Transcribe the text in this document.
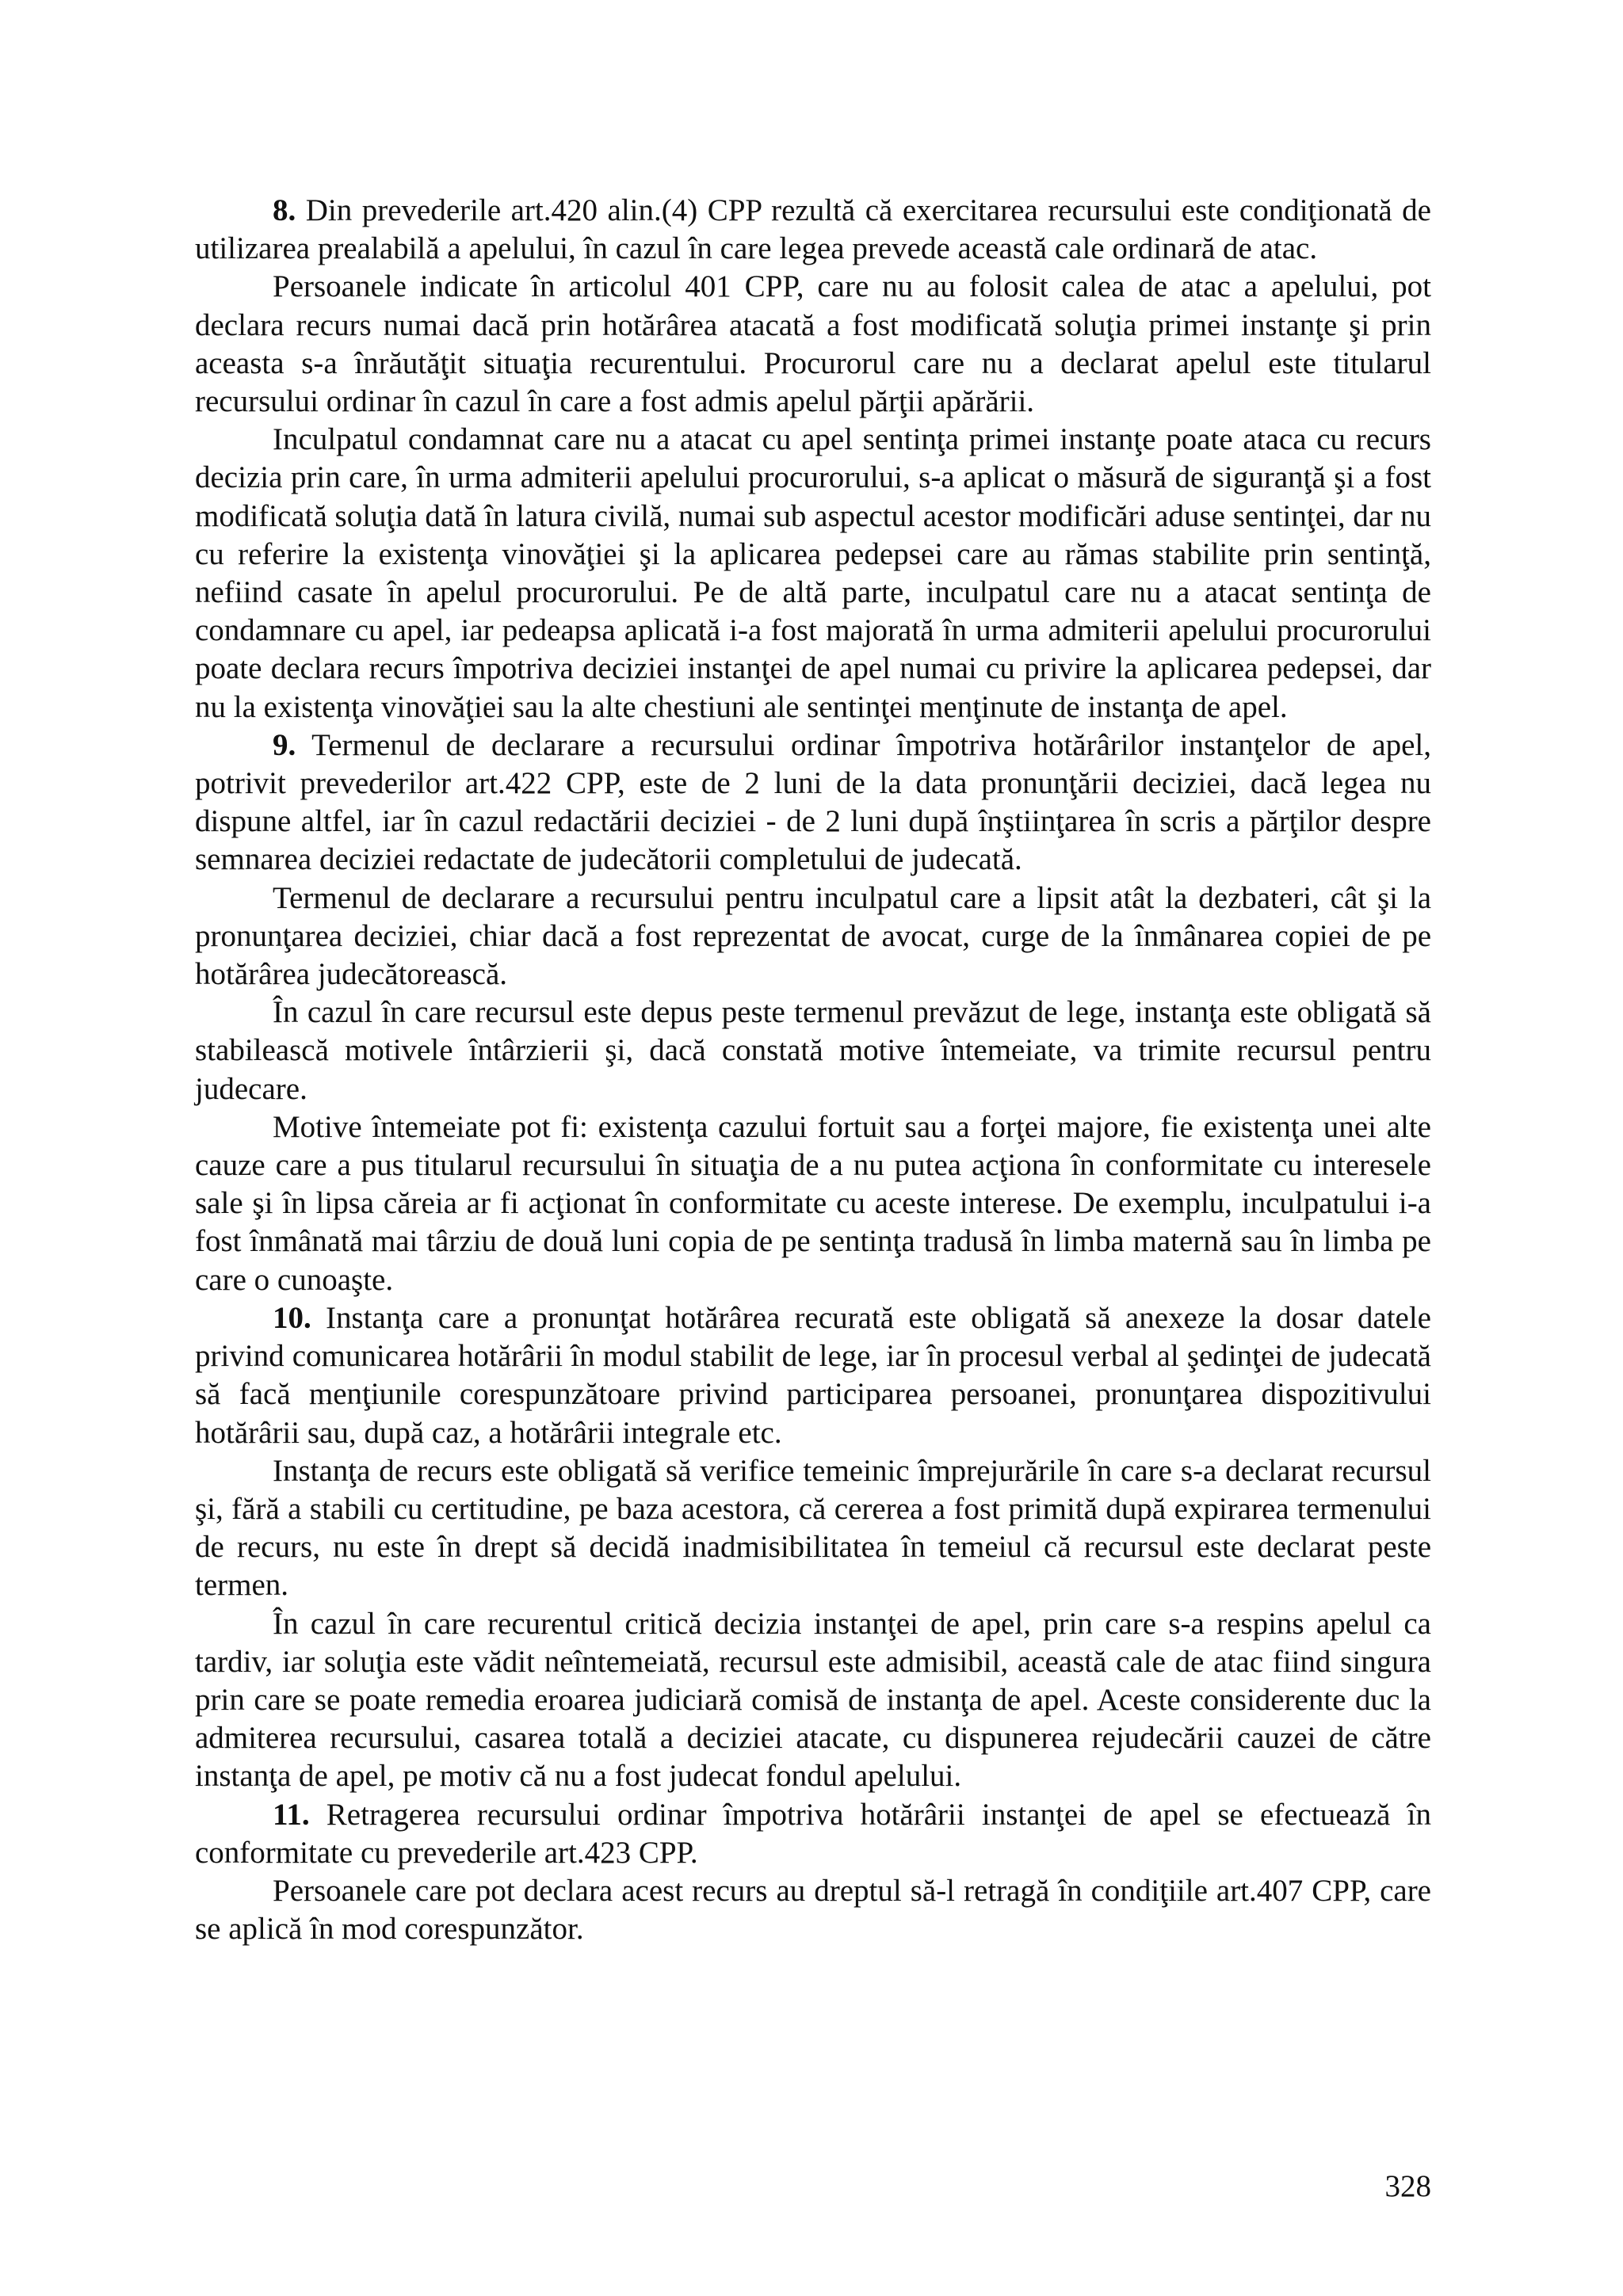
8. Din prevederile art.420 alin.(4) CPP rezultă că exercitarea recursului este condiţionată de utilizarea prealabilă a apelului, în cazul în care legea prevede această cale ordinară de atac.

Persoanele indicate în articolul 401 CPP, care nu au folosit calea de atac a apelului, pot declara recurs numai dacă prin hotărârea atacată a fost modificată soluţia primei instanţe şi prin aceasta s-a înrăutăţit situaţia recurentului. Procurorul care nu a declarat apelul este titularul recursului ordinar în cazul în care a fost admis apelul părţii apărării.

Inculpatul condamnat care nu a atacat cu apel sentinţa primei instanţe poate ataca cu recurs decizia prin care, în urma admiterii apelului procurorului, s-a aplicat o măsură de siguranţă şi a fost modificată soluţia dată în latura civilă, numai sub aspectul acestor modificări aduse sentinţei, dar nu cu referire la existenţa vinovăţiei şi la aplicarea pedepsei care au rămas stabilite prin sentinţă, nefiind casate în apelul procurorului. Pe de altă parte, inculpatul care nu a atacat sentinţa de condamnare cu apel, iar pedeapsa aplicată i-a fost majorată în urma admiterii apelului procurorului poate declara recurs împotriva deciziei instanţei de apel numai cu privire la aplicarea pedepsei, dar nu la existenţa vinovăţiei sau la alte chestiuni ale sentinţei menţinute de instanţa de apel.

9. Termenul de declarare a recursului ordinar împotriva hotărârilor instanţelor de apel, potrivit prevederilor art.422 CPP, este de 2 luni de la data pronunţării deciziei, dacă legea nu dispune altfel, iar în cazul redactării deciziei - de 2 luni după înştiinţarea în scris a părţilor despre semnarea deciziei redactate de judecătorii completului de judecată.

Termenul de declarare a recursului pentru inculpatul care a lipsit atât la dezbateri, cât şi la pronunţarea deciziei, chiar dacă a fost reprezentat de avocat, curge de la înmânarea copiei de pe hotărârea judecătorească.

În cazul în care recursul este depus peste termenul prevăzut de lege, instanţa este obligată să stabilească motivele întârzierii şi, dacă constată motive întemeiate, va trimite recursul pentru judecare.

Motive întemeiate pot fi: existenţa cazului fortuit sau a forţei majore, fie existenţa unei alte cauze care a pus titularul recursului în situaţia de a nu putea acţiona în conformitate cu interesele sale şi în lipsa căreia ar fi acţionat în conformitate cu aceste interese. De exemplu, inculpatului i-a fost înmânată mai târziu de două luni copia de pe sentinţa tradusă în limba maternă sau în limba pe care o cunoaşte.

10. Instanţa care a pronunţat hotărârea recurată este obligată să anexeze la dosar datele privind comunicarea hotărârii în modul stabilit de lege, iar în procesul verbal al şedinţei de judecată să facă menţiunile corespunzătoare privind participarea persoanei, pronunţarea dispozitivului hotărârii sau, după caz, a hotărârii integrale etc.

Instanţa de recurs este obligată să verifice temeinic împrejurările în care s-a declarat recursul şi, fără a stabili cu certitudine, pe baza acestora, că cererea a fost primită după expirarea termenului de recurs, nu este în drept să decidă inadmisibilitatea în temeiul că recursul este declarat peste termen.

În cazul în care recurentul critică decizia instanţei de apel, prin care s-a respins apelul ca tardiv, iar soluţia este vădit neîntemeiată, recursul este admisibil, această cale de atac fiind singura prin care se poate remedia eroarea judiciară comisă de instanţa de apel. Aceste considerente duc la admiterea recursului, casarea totală a deciziei atacate, cu dispunerea rejudecării cauzei de către instanţa de apel, pe motiv că nu a fost judecat fondul apelului.

11. Retragerea recursului ordinar împotriva hotărârii instanţei de apel se efectuează în conformitate cu prevederile art.423 CPP.

Persoanele care pot declara acest recurs au dreptul să-l retragă în condiţiile art.407 CPP, care se aplică în mod corespunzător.

328
